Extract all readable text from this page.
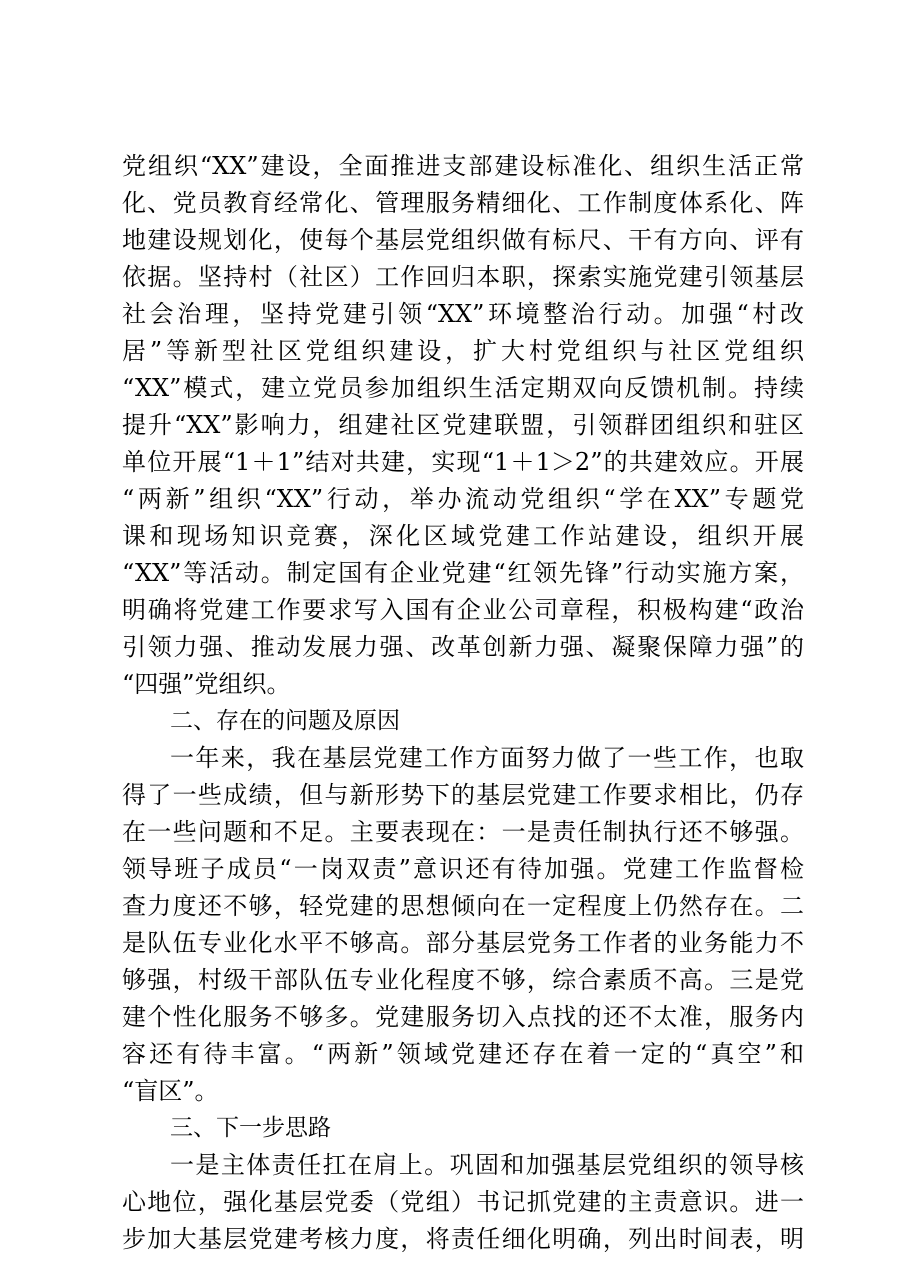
党组织“XX”建设，全面推进支部建设标准化、组织生活正常
化、党员教育经常化、管理服务精细化、工作制度体系化、阵
地建设规划化，使每个基层党组织做有标尺、干有方向、评有
依据。坚持村（社区）工作回归本职，探索实施党建引领基层
社会治理，坚持党建引领“XX”环境整治行动。加强“村改
居”等新型社区党组织建设，扩大村党组织与社区党组织
“XX”模式，建立党员参加组织生活定期双向反馈机制。持续
提升“XX”影响力，组建社区党建联盟，引领群团组织和驻区
单位开展“1＋1”结对共建，实现“1＋1＞2”的共建效应。开展
“两新”组织“XX”行动，举办流动党组织“学在XX”专题党
课和现场知识竞赛，深化区域党建工作站建设，组织开展
“XX”等活动。制定国有企业党建“红领先锋”行动实施方案，
明确将党建工作要求写入国有企业公司章程，积极构建“政治
引领力强、推动发展力强、改革创新力强、凝聚保障力强”的
“四强”党组织。
二、存在的问题及原因
一年来，我在基层党建工作方面努力做了一些工作，也取
得了一些成绩，但与新形势下的基层党建工作要求相比，仍存
在一些问题和不足。主要表现在：一是责任制执行还不够强。
领导班子成员“一岗双责”意识还有待加强。党建工作监督检
查力度还不够，轻党建的思想倾向在一定程度上仍然存在。二
是队伍专业化水平不够高。部分基层党务工作者的业务能力不
够强，村级干部队伍专业化程度不够，综合素质不高。三是党
建个性化服务不够多。党建服务切入点找的还不太准，服务内
容还有待丰富。“两新”领域党建还存在着一定的“真空”和
“盲区”。
三、下一步思路
一是主体责任扛在肩上。巩固和加强基层党组织的领导核
心地位，强化基层党委（党组）书记抓党建的主责意识。进一
步加大基层党建考核力度，将责任细化明确，列出时间表，明
